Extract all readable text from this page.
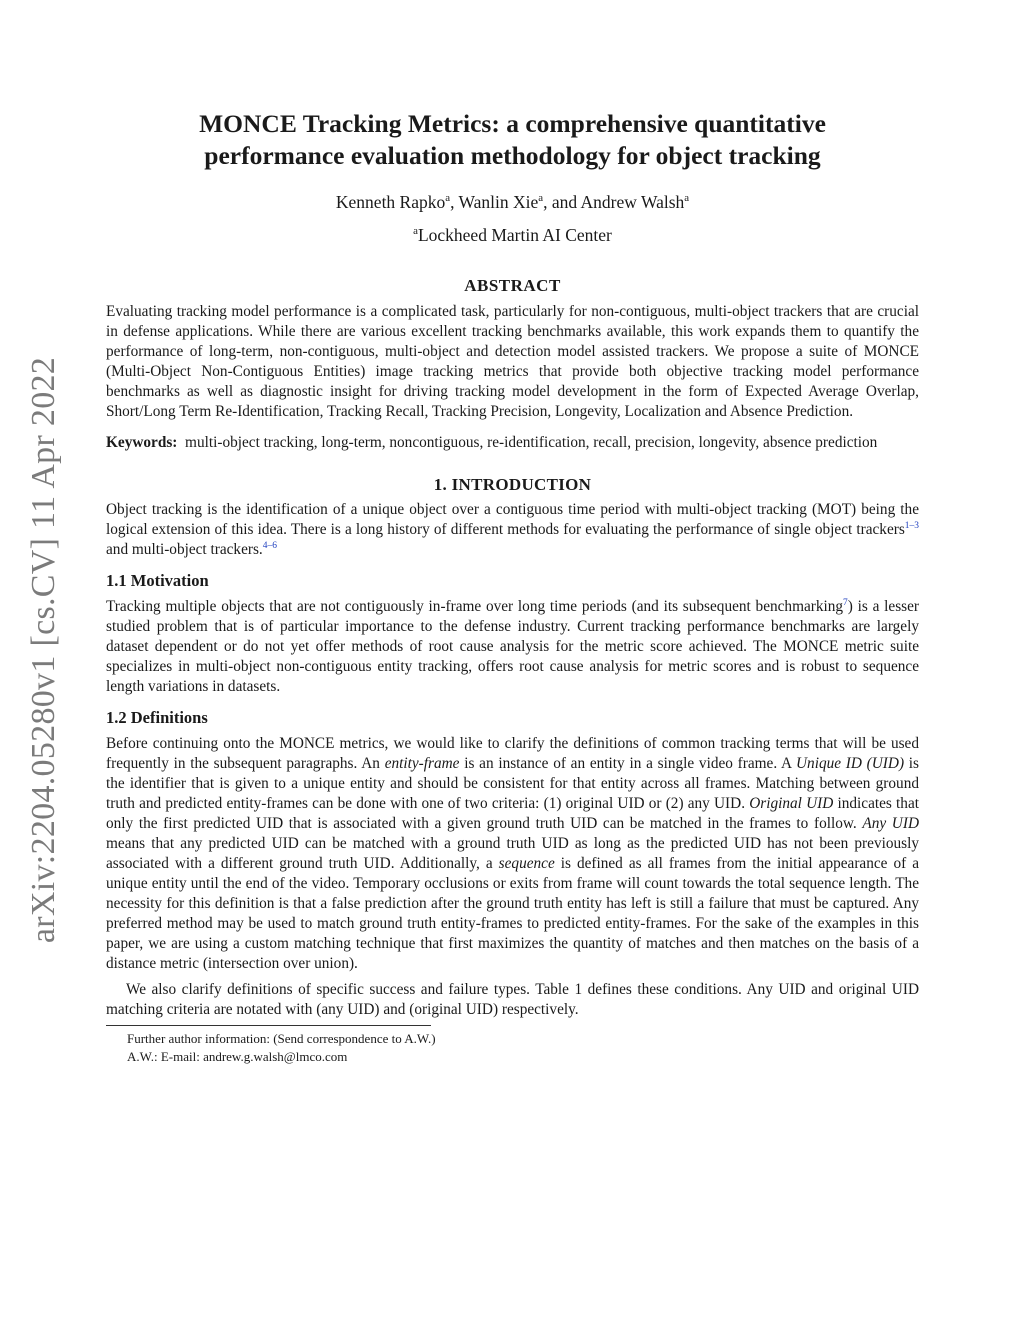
arXiv:2204.05280v1 [cs.CV] 11 Apr 2022
MONCE Tracking Metrics: a comprehensive quantitative
performance evaluation methodology for object tracking
Kenneth Rapko$^a$, Wanlin Xie$^a$, and Andrew Walsh$^a$
$^a$Lockheed Martin AI Center
ABSTRACT

Evaluating tracking model performance is a complicated task, particularly for non-contiguous, multi-object trackers that are crucial in defense applications. While there are various excellent tracking benchmarks available, this work expands them to quantify the performance of long-term, non-contiguous, multi-object and detection model assisted trackers. We propose a suite of MONCE (Multi-Object Non-Contiguous Entities) image tracking metrics that provide both objective tracking model performance benchmarks as well as diagnostic insight for driving tracking model development in the form of Expected Average Overlap, Short/Long Term Re-Identification, Tracking Recall, Tracking Precision, Longevity, Localization and Absence Prediction.

Keywords: multi-object tracking, long-term, noncontiguous, re-identification, recall, precision, longevity, absence prediction

1. INTRODUCTION

Object tracking is the identification of a unique object over a contiguous time period with multi-object tracking (MOT) being the logical extension of this idea. There is a long history of different methods for evaluating the performance of single object trackers$^{1-3}$ and multi-object trackers.$^{4-6}$

1.1 Motivation

Tracking multiple objects that are not contiguously in-frame over long time periods (and its subsequent benchmarking$^7$) is a lesser studied problem that is of particular importance to the defense industry. Current tracking performance benchmarks are largely dataset dependent or do not yet offer methods of root cause analysis for the metric score achieved. The MONCE metric suite specializes in multi-object non-contiguous entity tracking, offers root cause analysis for metric scores and is robust to sequence length variations in datasets.

1.2 Definitions

Before continuing onto the MONCE metrics, we would like to clarify the definitions of common tracking terms that will be used frequently in the subsequent paragraphs. An entity-frame is an instance of an entity in a single video frame. A Unique ID (UID) is the identifier that is given to a unique entity and should be consistent for that entity across all frames. Matching between ground truth and predicted entity-frames can be done with one of two criteria: (1) original UID or (2) any UID. Original UID indicates that only the first predicted UID that is associated with a given ground truth UID can be matched in the frames to follow. Any UID means that any predicted UID can be matched with a ground truth UID as long as the predicted UID has not been previously associated with a different ground truth UID. Additionally, a sequence is defined as all frames from the initial appearance of a unique entity until the end of the video. Temporary occlusions or exits from frame will count towards the total sequence length. The necessity for this definition is that a false prediction after the ground truth entity has left is still a failure that must be captured. Any preferred method may be used to match ground truth entity-frames to predicted entity-frames. For the sake of the examples in this paper, we are using a custom matching technique that first maximizes the quantity of matches and then matches on the basis of a distance metric (intersection over union).

We also clarify definitions of specific success and failure types. Table 1 defines these conditions. Any UID and original UID matching criteria are notated with (any UID) and (original UID) respectively.

Further author information: (Send correspondence to A.W.)
A.W.: E-mail: andrew.g.walsh@lmco.com
